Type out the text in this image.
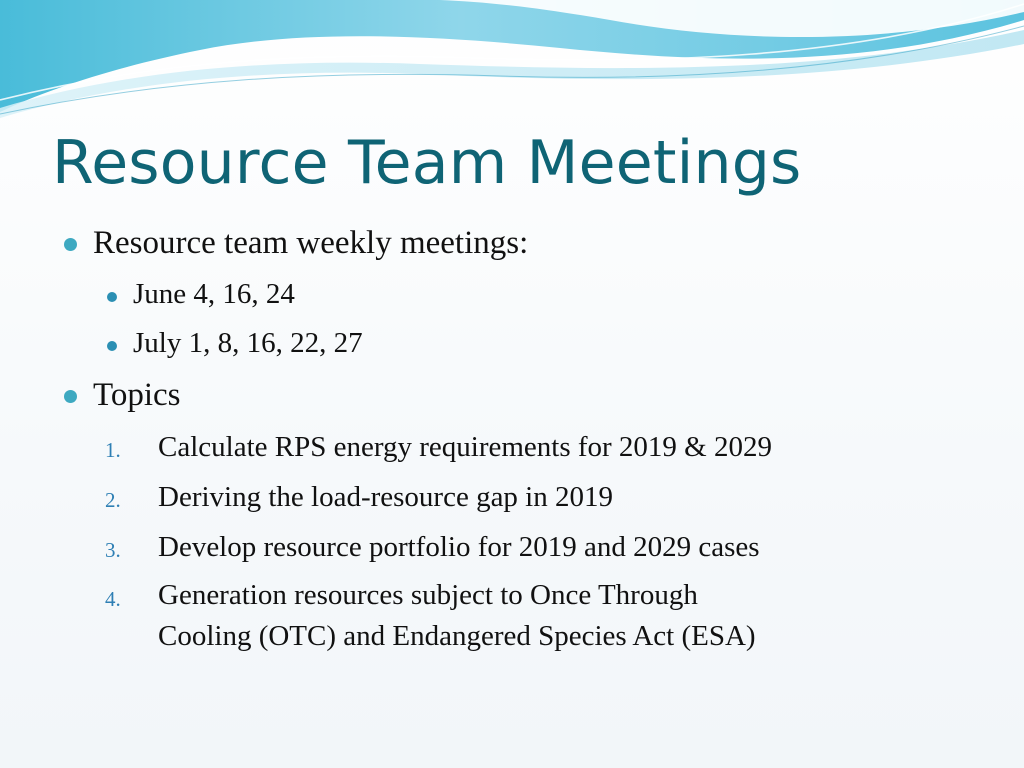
Resource Team Meetings
Resource team weekly meetings:
June 4, 16, 24
July 1, 8, 16, 22, 27
Topics
1. Calculate RPS energy requirements for 2019 & 2029
2. Deriving the load-resource gap in 2019
3. Develop resource portfolio for 2019 and 2029 cases
4. Generation resources subject to Once Through
Cooling (OTC) and Endangered Species Act (ESA)
